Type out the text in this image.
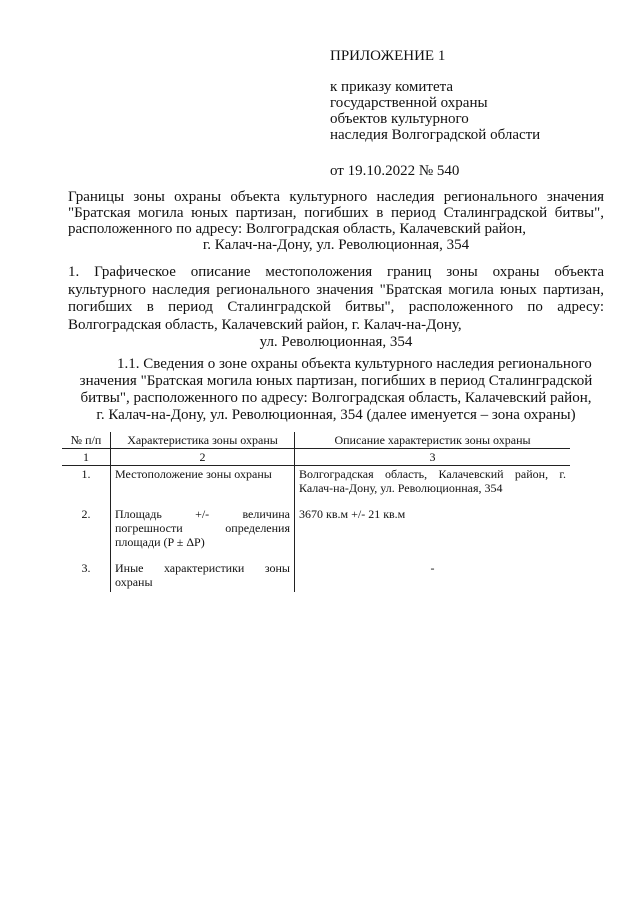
ПРИЛОЖЕНИЕ 1
к приказу комитета
государственной охраны
объектов культурного
наследия Волгоградской области
от 19.10.2022 № 540
Границы зоны охраны объекта культурного наследия регионального значения "Братская могила юных партизан, погибших в период Сталинградской битвы", расположенного по адресу: Волгоградская область, Калачевский район,
г. Калач-на-Дону, ул. Революционная, 354
1. Графическое описание местоположения границ зоны охраны объекта культурного наследия регионального значения "Братская могила юных партизан, погибших в период Сталинградской битвы", расположенного по адресу: Волгоградская область, Калачевский район, г. Калач-на-Дону,
ул. Революционная, 354
1.1. Сведения о зоне охраны объекта культурного наследия регионального
значения "Братская могила юных партизан, погибших в период Сталинградской битвы", расположенного по адресу: Волгоградская область, Калачевский район, г. Калач-на-Дону, ул. Революционная, 354 (далее именуется – зона охраны)
№ п/п	Характеристика зоны охраны	Описание характеристик зоны охраны
1	2	3
1.	Местоположение зоны охраны	Волгоградская область, Калачевский район, г. Калач-на-Дону, ул. Революционная, 354
2.	Площадь +/- величина погрешности определения площади (P ± ΔP)	3670 кв.м +/- 21 кв.м
3.	Иные характеристики зоны охраны	-
